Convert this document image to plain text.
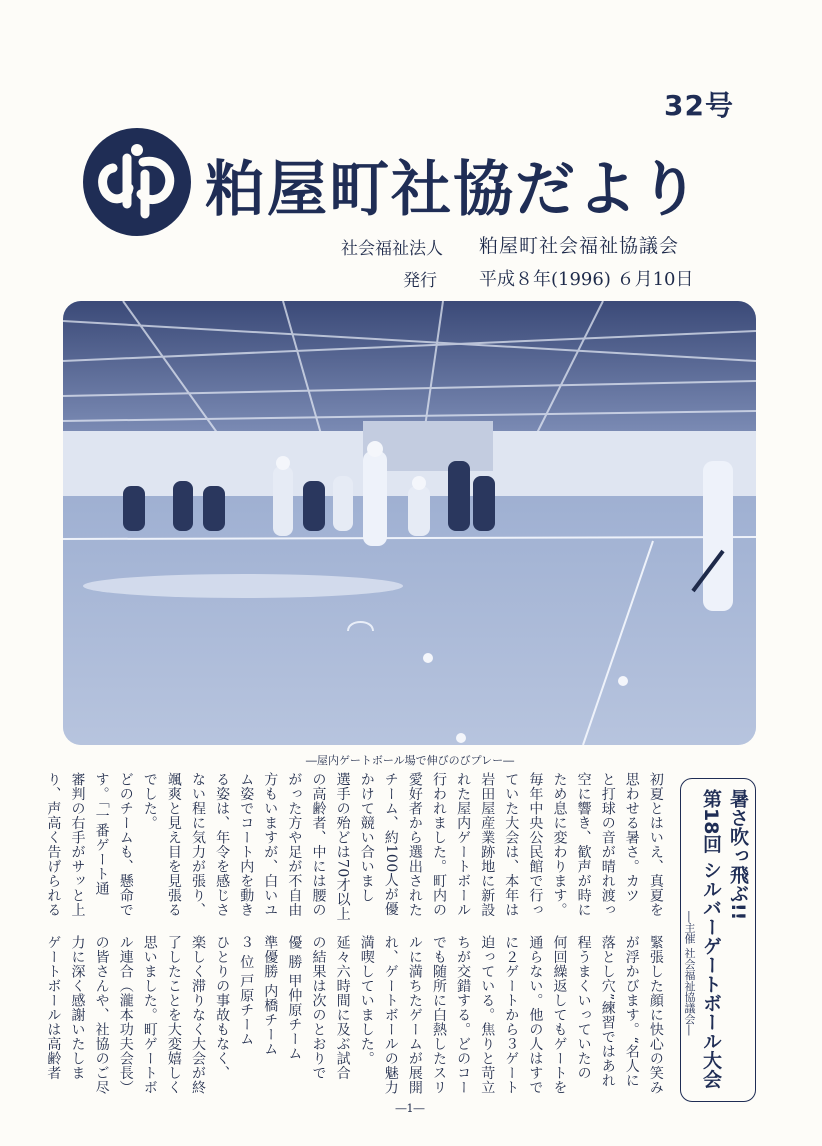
32号
粕屋町社協だより
社会福祉法人 粕屋町社会福祉協議会
発行 平成８年(1996) ６月10日
―屋内ゲートボール場で伸びのびプレー―
初夏とはいえ、真夏を
思わせる暑さ。カツ
と打球の音が晴れ渡っ
空に響き、歓声が時に
ため息に変わります。
毎年中央公民館で行っ
ていた大会は、本年は
岩田屋産業跡地に新設
れた屋内ゲートボール
行われました。町内の
愛好者から選出された
チーム、約100人が優
かけて競い合いまし
選手の殆どは70才以上
の高齢者、中には腰の
がった方や足が不自由
方もいますが、白いユ
ム姿でコート内を動き
る姿は、年令を感じさ
ない程に気力が張り、
颯爽と見え目を見張る
でした。
どのチームも、懸命で
す。「一番ゲート通
審判の右手がサッと上
り、声高く告げられる
緊張した顔に快心の笑み
が浮かびます。“名人に
落とし穴”練習ではあれ
程うまくいっていたの
何回繰返してもゲートを
通らない。他の人はすで
に２ゲートから３ゲート
迫っている。焦りと苛立
ちが交錯する。どのコー
でも随所に白熱したスリ
ルに満ちたゲームが展開
れ、ゲートボールの魅力
満喫していました。
延々六時間に及ぶ試合
の結果は次のとおりで
優 勝 甲仲原チーム
準優勝 内橋チーム
３ 位 戸原チーム
ひとりの事故もなく、
楽しく滞りなく大会が終
了したことを大変嬉しく
思いました。町ゲートボ
ル連合（瀧本功夫会長）
の皆さんや、社協のご尽
力に深く感謝いたしま
ゲートボールは高齢者
暑さ吹っ飛ぶ!!
第18回 シルバーゲートボール大会
―主催 社会福祉協議会―
―1―
